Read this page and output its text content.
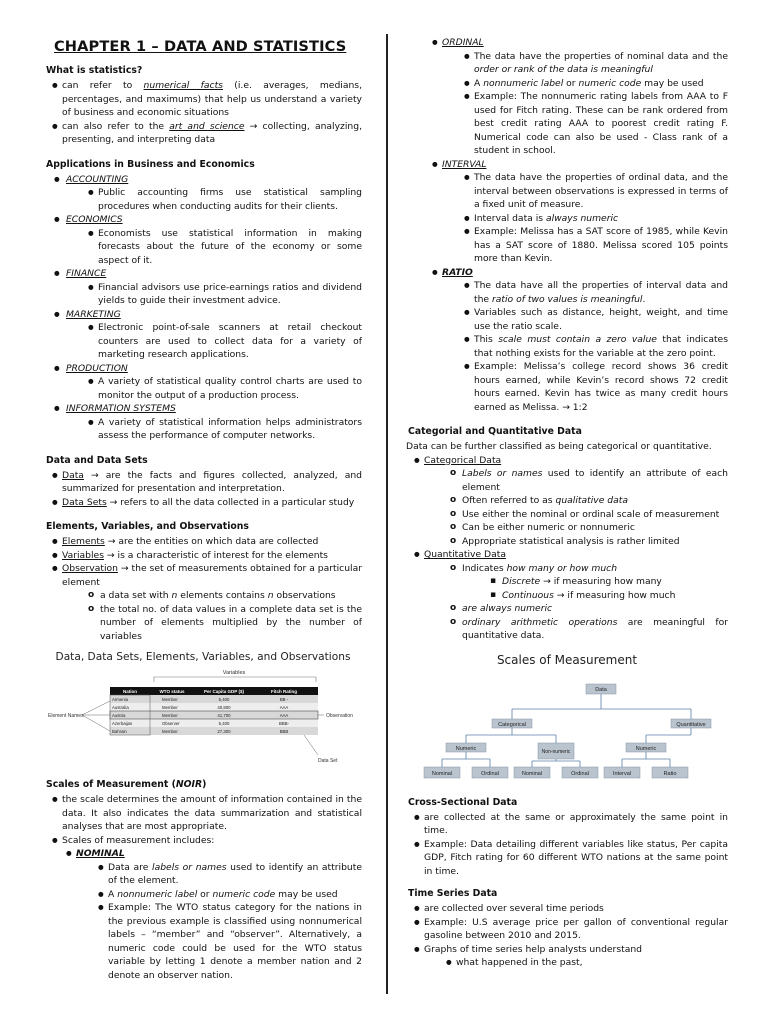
CHAPTER 1 – DATA AND STATISTICS
What is statistics?
● can refer to numerical facts (i.e. averages, medians, percentages, and maximums) that help us understand a variety of business and economic situations
● can also refer to the art and science → collecting, analyzing, presenting, and interpreting data
Applications in Business and Economics
● ACCOUNTING
● Public accounting firms use statistical sampling procedures when conducting audits for their clients.
● ECONOMICS
● Economists use statistical information in making forecasts about the future of the economy or some aspect of it.
● FINANCE
● Financial advisors use price-earnings ratios and dividend yields to guide their investment advice.
● MARKETING
● Electronic point-of-sale scanners at retail checkout counters are used to collect data for a variety of marketing research applications.
● PRODUCTION
● A variety of statistical quality control charts are used to monitor the output of a production process.
● INFORMATION SYSTEMS
● A variety of statistical information helps administrators assess the performance of computer networks.
Data and Data Sets
● Data → are the facts and figures collected, analyzed, and summarized for presentation and interpretation.
● Data Sets → refers to all the data collected in a particular study
Elements, Variables, and Observations
● Elements → are the entities on which data are collected
● Variables → is a characteristic of interest for the elements
● Observation → the set of measurements obtained for a particular element
o a data set with n elements contains n observations
o the total no. of data values in a complete data set is the number of elements multiplied by the number of variables
Data, Data Sets, Elements, Variables, and Observations
Variables
Nation	WTO status	Per Capita GDP ($)	Fitch Rating
Armenia	Member	5,400	BB -
Australia	Member	40,800	AAA
Austria	Member	41,700	AAA
Azerbaijan	Observer	5,400	BBB-
Bahrain	Member	27,300	BBB
Element Names	Observation
Data Set
Scales of Measurement (NOIR)
● the scale determines the amount of information contained in the data. It also indicates the data summarization and statistical analyses that are most appropriate.
● Scales of measurement includes:
● NOMINAL
● Data are labels or names used to identify an attribute of the element.
● A nonnumeric label or numeric code may be used
● Example: The WTO status category for the nations in the previous example is classified using nonnumerical labels – “member” and “observer”. Alternatively, a numeric code could be used for the WTO status variable by letting 1 denote a member nation and 2 denote an observer nation.
● ORDINAL
● The data have the properties of nominal data and the order or rank of the data is meaningful
● A nonnumeric label or numeric code may be used
● Example: The nonnumeric rating labels from AAA to F used for Fitch rating. These can be rank ordered from best credit rating AAA to poorest credit rating F. Numerical code can also be used - Class rank of a student in school.
● INTERVAL
● The data have the properties of ordinal data, and the interval between observations is expressed in terms of a fixed unit of measure.
● Interval data is always numeric
● Example: Melissa has a SAT score of 1985, while Kevin has a SAT score of 1880. Melissa scored 105 points more than Kevin.
● RATIO
● The data have all the properties of interval data and the ratio of two values is meaningful.
● Variables such as distance, height, weight, and time use the ratio scale.
● This scale must contain a zero value that indicates that nothing exists for the variable at the zero point.
● Example: Melissa’s college record shows 36 credit hours earned, while Kevin’s record shows 72 credit hours earned. Kevin has twice as many credit hours earned as Melissa. → 1:2
Categorial and Quantitative Data

Data can be further classified as being categorical or quantitative.

● Categorical Data
o Labels or names used to identify an attribute of each element
o Often referred to as qualitative data
o Use either the nominal or ordinal scale of measurement
o Can be either numeric or nonnumeric
o Appropriate statistical analysis is rather limited
● Quantitative Data
o Indicates how many or how much
▪ Discrete → if measuring how many
▪ Continuous → if measuring how much
o are always numeric
o ordinary arithmetic operations are meaningful for quantitative data.
Scales of Measurement
Data
Categorical	Quantitative
Numeric	Non-numeric	Numeric
Nominal	Ordinal	Nominal	Ordinal	Interval	Ratio
Cross-Sectional Data
● are collected at the same or approximately the same point in time.
● Example: Data detailing different variables like status, Per capita GDP, Fitch rating for 60 different WTO nations at the same point in time.
Time Series Data
● are collected over several time periods
● Example: U.S average price per gallon of conventional regular gasoline between 2010 and 2015.
● Graphs of time series help analysts understand
● what happened in the past,
